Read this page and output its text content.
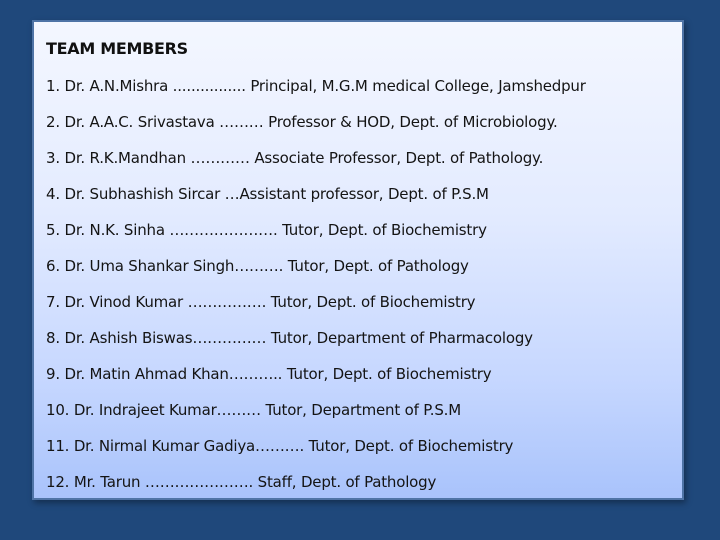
TEAM MEMBERS
1. Dr. A.N.Mishra ................ Principal, M.G.M medical College, Jamshedpur
2. Dr. A.A.C. Srivastava ……… Professor & HOD, Dept. of Microbiology.
3. Dr. R.K.Mandhan ………… Associate Professor, Dept. of Pathology.
4. Dr. Subhashish Sircar …Assistant professor, Dept. of P.S.M
5. Dr. N.K. Sinha …………………. Tutor, Dept. of Biochemistry
6. Dr. Uma Shankar Singh………. Tutor, Dept. of Pathology
7. Dr. Vinod Kumar ……………. Tutor, Dept. of Biochemistry
8. Dr. Ashish Biswas…………… Tutor, Department of Pharmacology
9. Dr. Matin Ahmad Khan……….. Tutor, Dept. of Biochemistry
10. Dr. Indrajeet Kumar……… Tutor, Department of P.S.M
11. Dr. Nirmal Kumar Gadiya………. Tutor, Dept. of Biochemistry
12. Mr. Tarun …………………. Staff, Dept. of Pathology
